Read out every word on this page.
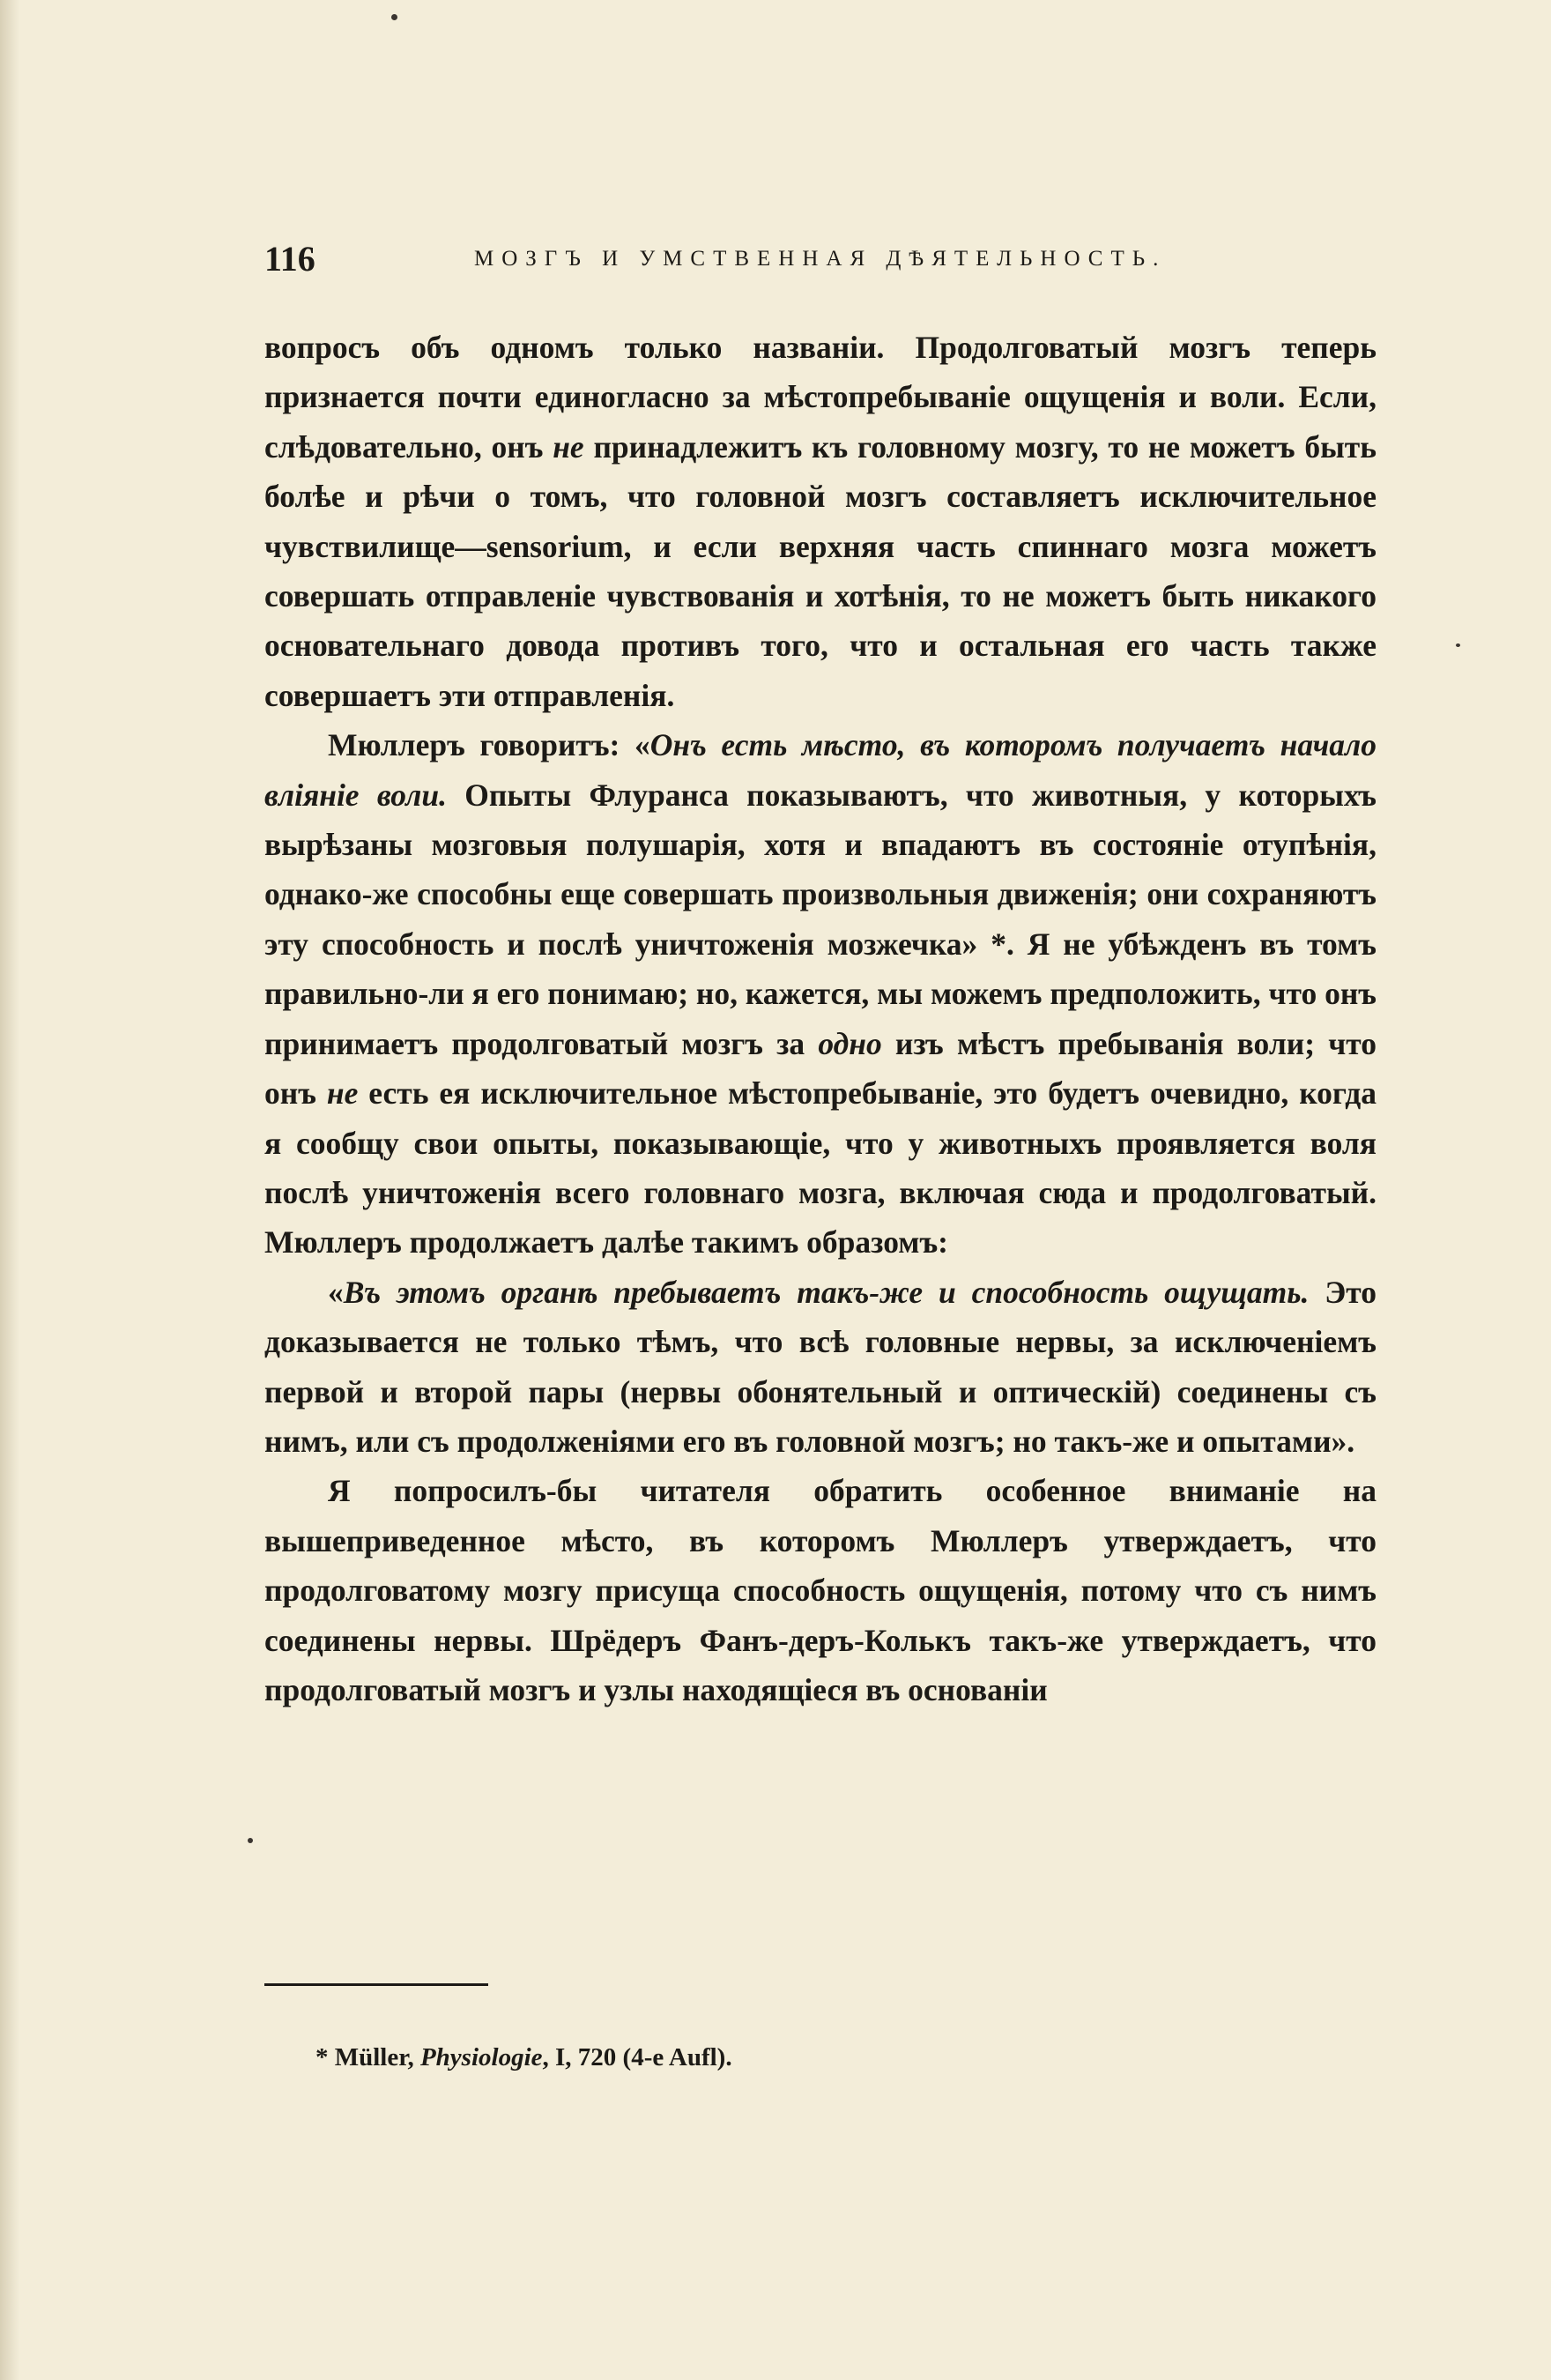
116	МОЗГЪ И УМСТВЕННАЯ ДѢЯТЕЛЬНОСТЬ.

вопросъ объ одномъ только названіи. Продолговатый мозгъ теперь признается почти единогласно за мѣстопребываніе ощущенія и воли. Если, слѣдовательно, онъ не принадлежитъ къ головному мозгу, то не можетъ быть болѣе и рѣчи о томъ, что головной мозгъ составляетъ исключительное чувствилище—sensorium, и если верхняя часть спиннаго мозга можетъ совершать отправленіе чувствованія и хотѣнія, то не можетъ быть никакого основательнаго довода противъ того, что и остальная его часть также совершаетъ эти отправленія.

Мюллеръ говоритъ: «Онъ есть мѣсто, въ которомъ получаетъ начало вліяніе воли. Опыты Флуранса показываютъ, что животныя, у которыхъ вырѣзаны мозговыя полушарія, хотя и впадаютъ въ состояніе отупѣнія, однако-же способны еще совершать произвольныя движенія; они сохраняютъ эту способность и послѣ уничтоженія мозжечка» *. Я не убѣжденъ въ томъ правильно-ли я его понимаю; но, кажется, мы можемъ предположить, что онъ принимаетъ продолговатый мозгъ за одно изъ мѣстъ пребыванія воли; что онъ не есть ея исключительное мѣстопребываніе, это будетъ очевидно, когда я сообщу свои опыты, показывающіе, что у животныхъ проявляется воля послѣ уничтоженія всего головнаго мозга, включая сюда и продолговатый. Мюллеръ продолжаетъ далѣе такимъ образомъ:

«Въ этомъ органѣ пребываетъ такъ-же и способность ощущать. Это доказывается не только тѣмъ, что всѣ головные нервы, за исключеніемъ первой и второй пары (нервы обонятельный и оптическій) соединены съ нимъ, или съ продолженіями его въ головной мозгъ; но такъ-же и опытами».

Я попросилъ-бы читателя обратить особенное вниманіе на вышеприведенное мѣсто, въ которомъ Мюллеръ утверждаетъ, что продолговатому мозгу присуща способность ощущенія, потому что съ нимъ соединены нервы. Шрёдеръ Фанъ-деръ-Колькъ такъ-же утверждаетъ, что продолговатый мозгъ и узлы находящіеся въ основаніи

* Müller, Physiologie, I, 720 (4-e Aufl).
